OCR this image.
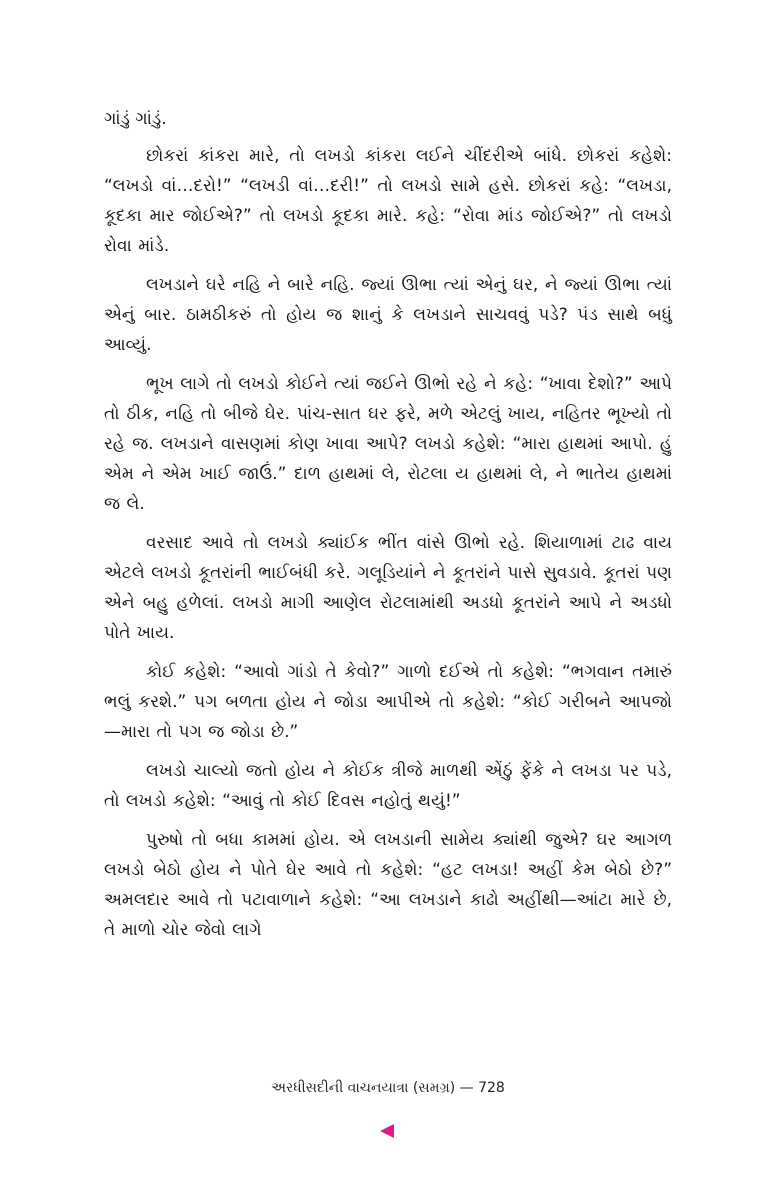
ગાંડું ગાંડું.

છોકરાં કાંકરા મારે, તો લખડો કાંકરા લઈને ચીંદરીએ બાંધે. છોકરાં કહેશે: “લખડો વાં…દરો!” “લખડી વાં…દરી!” તો લખડો સામે હસે. છોકરાં કહે: “લખડા, કૂદકા માર જોઈએ?” તો લખડો કૂદકા મારે. કહે: “રોવા માંડ જોઈએ?” તો લખડો રોવા માંડે.

લખડાને ઘરે નહિ ને બારે નહિ. જ્યાં ઊભા ત્યાં એનું ઘર, ને જ્યાં ઊભા ત્યાં એનું બાર. ઠામઠીકરું તો હોય જ શાનું કે લખડાને સાચવવું પડે? પંડ સાથે બધું આવ્યું.

ભૂખ લાગે તો લખડો કોઈને ત્યાં જઈને ઊભો રહે ને કહે: “ખાવા દેશો?” આપે તો ઠીક, નહિ તો બીજે ઘેર. પાંચ-સાત ઘર ફરે, મળે એટલું ખાય, નહિતર ભૂખ્યો તો રહે જ. લખડાને વાસણમાં કોણ ખાવા આપે? લખડો કહેશે: “મારા હાથમાં આપો. હું એમ ને એમ ખાઈ જાઉં.” દાળ હાથમાં લે, રોટલા ય હાથમાં લે, ને ભાતેય હાથમાં જ લે.

વરસાદ આવે તો લખડો ક્યાંઈક ભીંત વાંસે ઊભો રહે. શિયાળામાં ટાઢ વાય એટલે લખડો કૂતરાંની ભાઈબંધી કરે. ગલૂડિયાંને ને કૂતરાંને પાસે સુવડાવે. કૂતરાં પણ એને બહુ હળેલાં. લખડો માગી આણેલ રોટલામાંથી અડધો કૂતરાંને આપે ને અડધો પોતે ખાય.

કોઈ કહેશે: “આવો ગાંડો તે કેવો?” ગાળો દઈએ તો કહેશે: “ભગવાન તમારું ભલું કરશે.” પગ બળતા હોય ને જોડા આપીએ તો કહેશે: “કોઈ ગરીબને આપજો—મારા તો પગ જ જોડા છે.”

લખડો ચાલ્યો જતો હોય ને કોઈક ત્રીજે માળથી એંઠું ફેંકે ને લખડા પર પડે, તો લખડો કહેશે: “આવું તો કોઈ દિવસ નહોતું થયું!”

પુરુષો તો બધા કામમાં હોય. એ લખડાની સામેય ક્યાંથી જુએ? ઘર આગળ લખડો બેઠો હોય ને પોતે ઘેર આવે તો કહેશે: “હટ લખડા! અહીં કેમ બેઠો છે?” અમલદાર આવે તો પટાવાળાને કહેશે: “આ લખડાને કાઢો અહીંથી—આંટા મારે છે, તે માળો ચોર જેવો લાગે

અરધીસદીની વાચનયાત્રા (સમગ્ર) — 728
